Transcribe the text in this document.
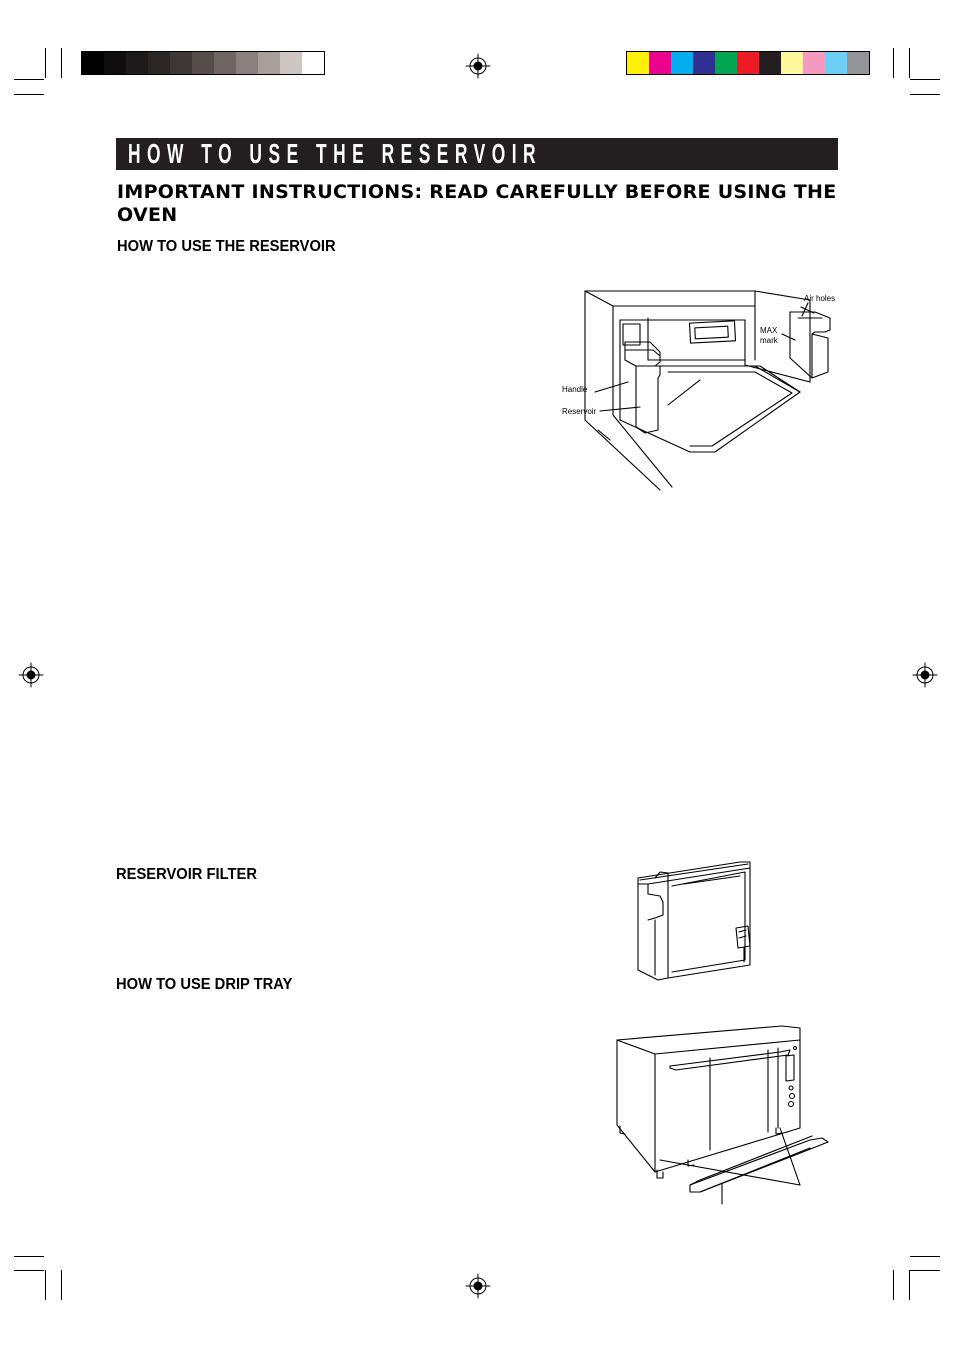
HOW TO USE THE RESERVOIR
IMPORTANT INSTRUCTIONS: READ CAREFULLY BEFORE USING THE OVEN
HOW TO USE THE RESERVOIR
RESERVOIR FILTER
HOW TO USE DRIP TRAY
Air holes
MAX
mark
Handle
Reservoir
